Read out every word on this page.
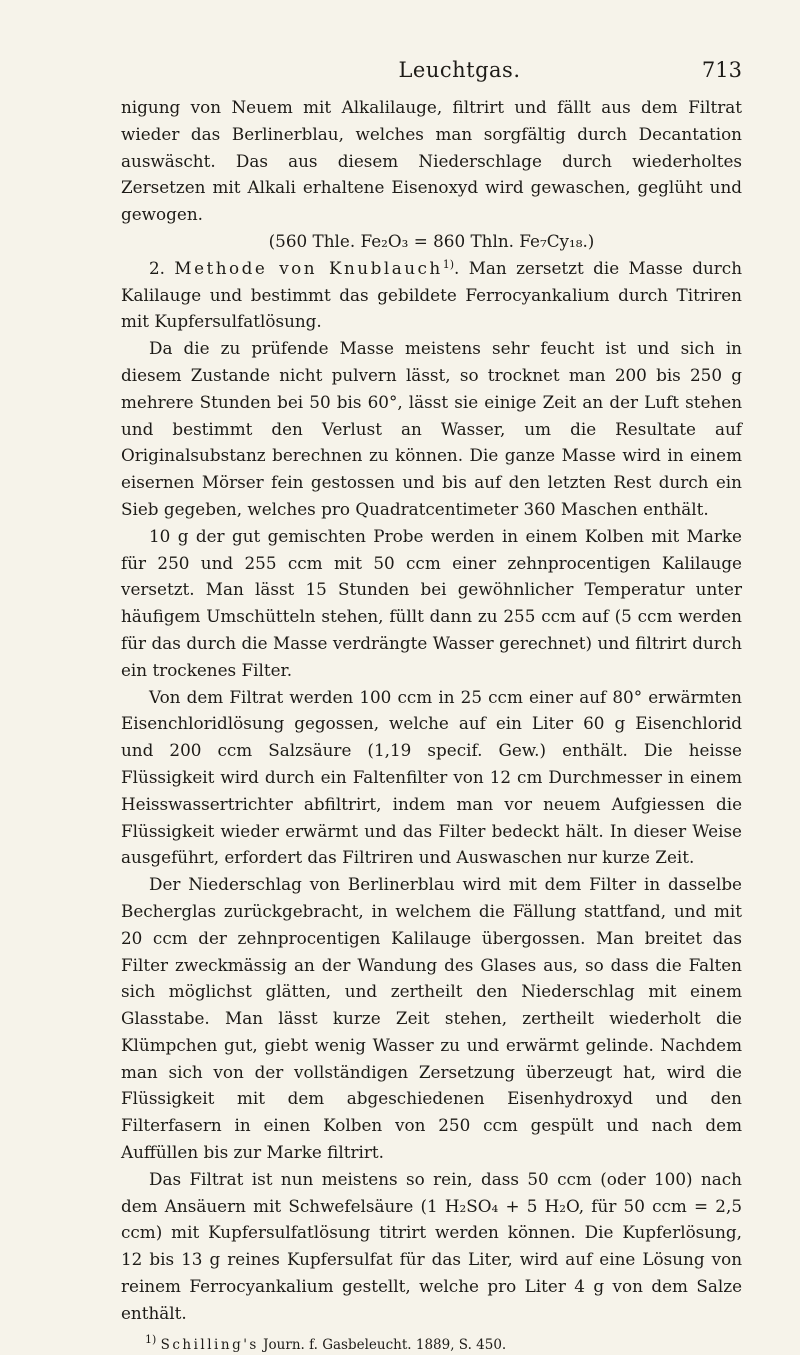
Leuchtgas.	713

nigung von Neuem mit Alkalilauge, filtrirt und fällt aus dem Filtrat wieder das Berlinerblau, welches man sorgfältig durch Decantation auswäscht. Das aus diesem Niederschlage durch wiederholtes Zersetzen mit Alkali erhaltene Eisenoxyd wird gewaschen, geglüht und gewogen.

(560 Thle. Fe₂O₃ = 860 Thln. Fe₇Cy₁₈.)

2. Methode von Knublauch$^{1)}$. Man zersetzt die Masse durch Kalilauge und bestimmt das gebildete Ferrocyankalium durch Titriren mit Kupfersulfatlösung.

Da die zu prüfende Masse meistens sehr feucht ist und sich in diesem Zustande nicht pulvern lässt, so trocknet man 200 bis 250 g mehrere Stunden bei 50 bis 60°, lässt sie einige Zeit an der Luft stehen und bestimmt den Verlust an Wasser, um die Resultate auf Originalsubstanz berechnen zu können. Die ganze Masse wird in einem eisernen Mörser fein gestossen und bis auf den letzten Rest durch ein Sieb gegeben, welches pro Quadratcentimeter 360 Maschen enthält.

10 g der gut gemischten Probe werden in einem Kolben mit Marke für 250 und 255 ccm mit 50 ccm einer zehnprocentigen Kalilauge versetzt. Man lässt 15 Stunden bei gewöhnlicher Temperatur unter häufigem Umschütteln stehen, füllt dann zu 255 ccm auf (5 ccm werden für das durch die Masse verdrängte Wasser gerechnet) und filtrirt durch ein trockenes Filter.

Von dem Filtrat werden 100 ccm in 25 ccm einer auf 80° erwärmten Eisenchloridlösung gegossen, welche auf ein Liter 60 g Eisenchlorid und 200 ccm Salzsäure (1,19 specif. Gew.) enthält. Die heisse Flüssigkeit wird durch ein Faltenfilter von 12 cm Durchmesser in einem Heisswassertrichter abfiltrirt, indem man vor neuem Aufgiessen die Flüssigkeit wieder erwärmt und das Filter bedeckt hält. In dieser Weise ausgeführt, erfordert das Filtriren und Auswaschen nur kurze Zeit.

Der Niederschlag von Berlinerblau wird mit dem Filter in dasselbe Becherglas zurückgebracht, in welchem die Fällung stattfand, und mit 20 ccm der zehnprocentigen Kalilauge übergossen. Man breitet das Filter zweckmässig an der Wandung des Glases aus, so dass die Falten sich möglichst glätten, und zertheilt den Niederschlag mit einem Glasstabe. Man lässt kurze Zeit stehen, zertheilt wiederholt die Klümpchen gut, giebt wenig Wasser zu und erwärmt gelinde. Nachdem man sich von der vollständigen Zersetzung überzeugt hat, wird die Flüssigkeit mit dem abgeschiedenen Eisenhydroxyd und den Filterfasern in einen Kolben von 250 ccm gespült und nach dem Auffüllen bis zur Marke filtrirt.

Das Filtrat ist nun meistens so rein, dass 50 ccm (oder 100) nach dem Ansäuern mit Schwefelsäure (1 H₂SO₄ + 5 H₂O, für 50 ccm = 2,5 ccm) mit Kupfersulfatlösung titrirt werden können. Die Kupferlösung, 12 bis 13 g reines Kupfersulfat für das Liter, wird auf eine Lösung von reinem Ferrocyankalium gestellt, welche pro Liter 4 g von dem Salze enthält.

$^{1)}$ Schilling's Journ. f. Gasbeleucht. 1889, S. 450.
